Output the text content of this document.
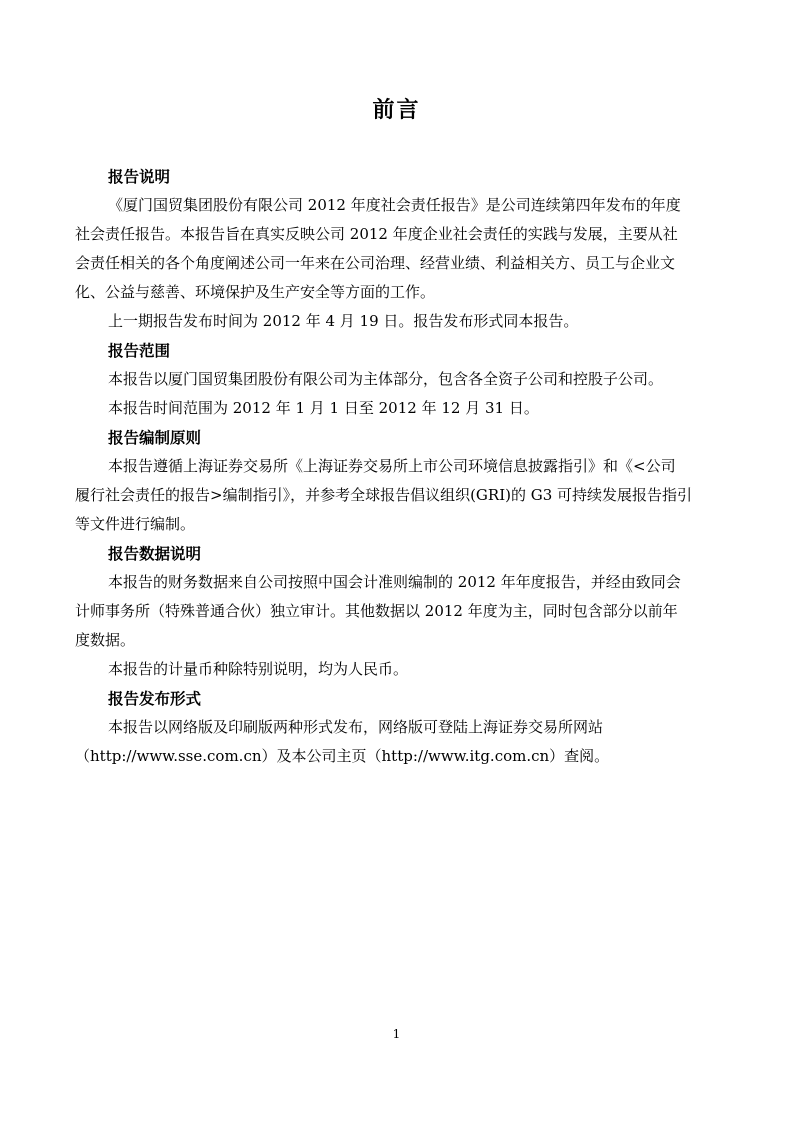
前言
报告说明
《厦门国贸集团股份有限公司 2012 年度社会责任报告》是公司连续第四年发布的年度
社会责任报告。本报告旨在真实反映公司 2012 年度企业社会责任的实践与发展，主要从社
会责任相关的各个角度阐述公司一年来在公司治理、经营业绩、利益相关方、员工与企业文
化、公益与慈善、环境保护及生产安全等方面的工作。
上一期报告发布时间为 2012 年 4 月 19 日。报告发布形式同本报告。
报告范围
本报告以厦门国贸集团股份有限公司为主体部分，包含各全资子公司和控股子公司。
本报告时间范围为 2012 年 1 月 1 日至 2012 年 12 月 31 日。
报告编制原则
本报告遵循上海证券交易所《上海证券交易所上市公司环境信息披露指引》和《<公司
履行社会责任的报告>编制指引》，并参考全球报告倡议组织(GRI)的 G3 可持续发展报告指引
等文件进行编制。
报告数据说明
本报告的财务数据来自公司按照中国会计准则编制的 2012 年年度报告，并经由致同会
计师事务所（特殊普通合伙）独立审计。其他数据以 2012 年度为主，同时包含部分以前年
度数据。
本报告的计量币种除特别说明，均为人民币。
报告发布形式
本报告以网络版及印刷版两种形式发布，网络版可登陆上海证券交易所网站
（http://www.sse.com.cn）及本公司主页（http://www.itg.com.cn）查阅。
1
